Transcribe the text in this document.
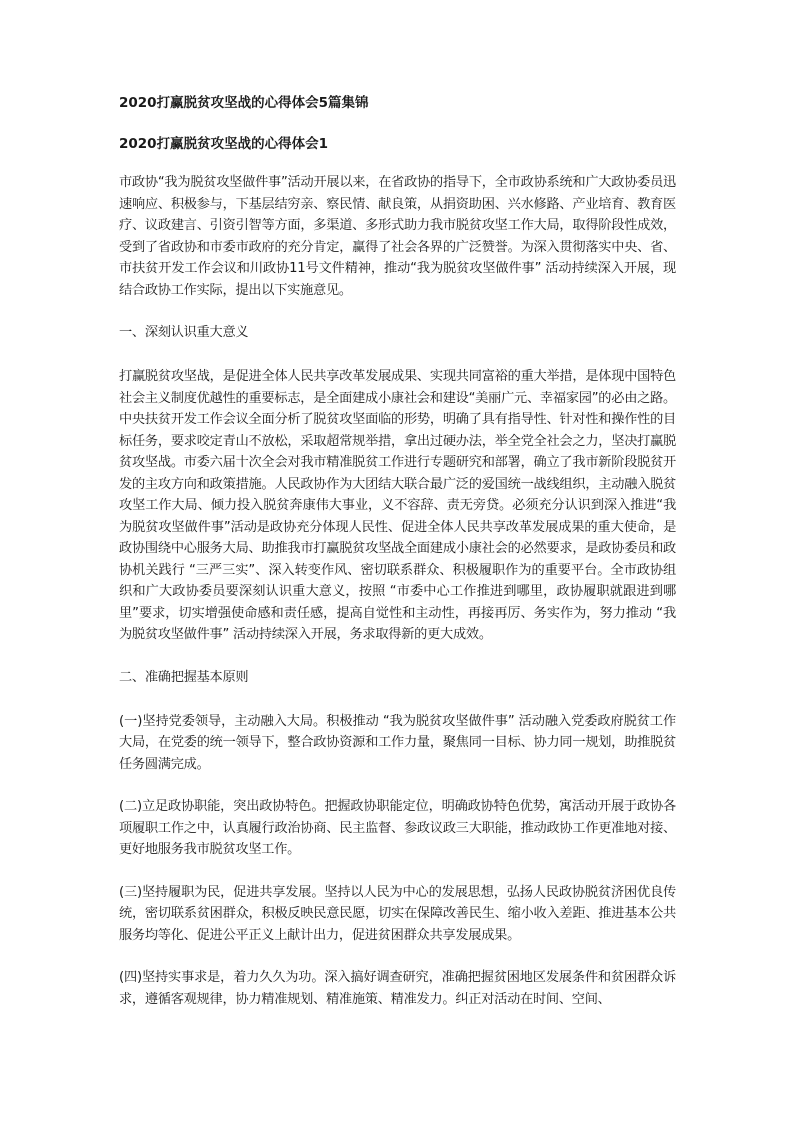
2020打赢脱贫攻坚战的心得体会5篇集锦
2020打赢脱贫攻坚战的心得体会1

市政协“我为脱贫攻坚做件事”活动开展以来，在省政协的指导下，全市政协系统和广大政协委员迅速响应、积极参与，下基层结穷亲、察民情、献良策，从捐资助困、兴水修路、产业培育、教育医疗、议政建言、引资引智等方面，多渠道、多形式助力我市脱贫攻坚工作大局，取得阶段性成效，受到了省政协和市委市政府的充分肯定，赢得了社会各界的广泛赞誉。为深入贯彻落实中央、省、市扶贫开发工作会议和川政协11号文件精神，推动“我为脱贫攻坚做件事” 活动持续深入开展，现结合政协工作实际，提出以下实施意见。

一、深刻认识重大意义

打赢脱贫攻坚战，是促进全体人民共享改革发展成果、实现共同富裕的重大举措，是体现中国特色社会主义制度优越性的重要标志，是全面建成小康社会和建设“美丽广元、幸福家园”的必由之路。中央扶贫开发工作会议全面分析了脱贫攻坚面临的形势，明确了具有指导性、针对性和操作性的目标任务，要求咬定青山不放松，采取超常规举措，拿出过硬办法，举全党全社会之力，坚决打赢脱贫攻坚战。市委六届十次全会对我市精准脱贫工作进行专题研究和部署，确立了我市新阶段脱贫开发的主攻方向和政策措施。人民政协作为大团结大联合最广泛的爱国统一战线组织，主动融入脱贫攻坚工作大局、倾力投入脱贫奔康伟大事业，义不容辞、责无旁贷。必须充分认识到深入推进“我为脱贫攻坚做件事”活动是政协充分体现人民性、促进全体人民共享改革发展成果的重大使命，是政协围绕中心服务大局、助推我市打赢脱贫攻坚战全面建成小康社会的必然要求，是政协委员和政协机关践行 “三严三实”、深入转变作风、密切联系群众、积极履职作为的重要平台。全市政协组织和广大政协委员要深刻认识重大意义，按照 “市委中心工作推进到哪里，政协履职就跟进到哪里”要求，切实增强使命感和责任感，提高自觉性和主动性，再接再厉、务实作为，努力推动 “我为脱贫攻坚做件事” 活动持续深入开展，务求取得新的更大成效。

二、准确把握基本原则

(一)坚持党委领导，主动融入大局。积极推动 “我为脱贫攻坚做件事” 活动融入党委政府脱贫工作大局，在党委的统一领导下，整合政协资源和工作力量，聚焦同一目标、协力同一规划，助推脱贫任务圆满完成。

(二)立足政协职能，突出政协特色。把握政协职能定位，明确政协特色优势，寓活动开展于政协各项履职工作之中，认真履行政治协商、民主监督、参政议政三大职能，推动政协工作更准地对接、更好地服务我市脱贫攻坚工作。

(三)坚持履职为民，促进共享发展。坚持以人民为中心的发展思想，弘扬人民政协脱贫济困优良传统，密切联系贫困群众，积极反映民意民愿，切实在保障改善民生、缩小收入差距、推进基本公共服务均等化、促进公平正义上献计出力，促进贫困群众共享发展成果。

(四)坚持实事求是，着力久久为功。深入搞好调查研究，准确把握贫困地区发展条件和贫困群众诉求，遵循客观规律，协力精准规划、精准施策、精准发力。纠正对活动在时间、空间、
